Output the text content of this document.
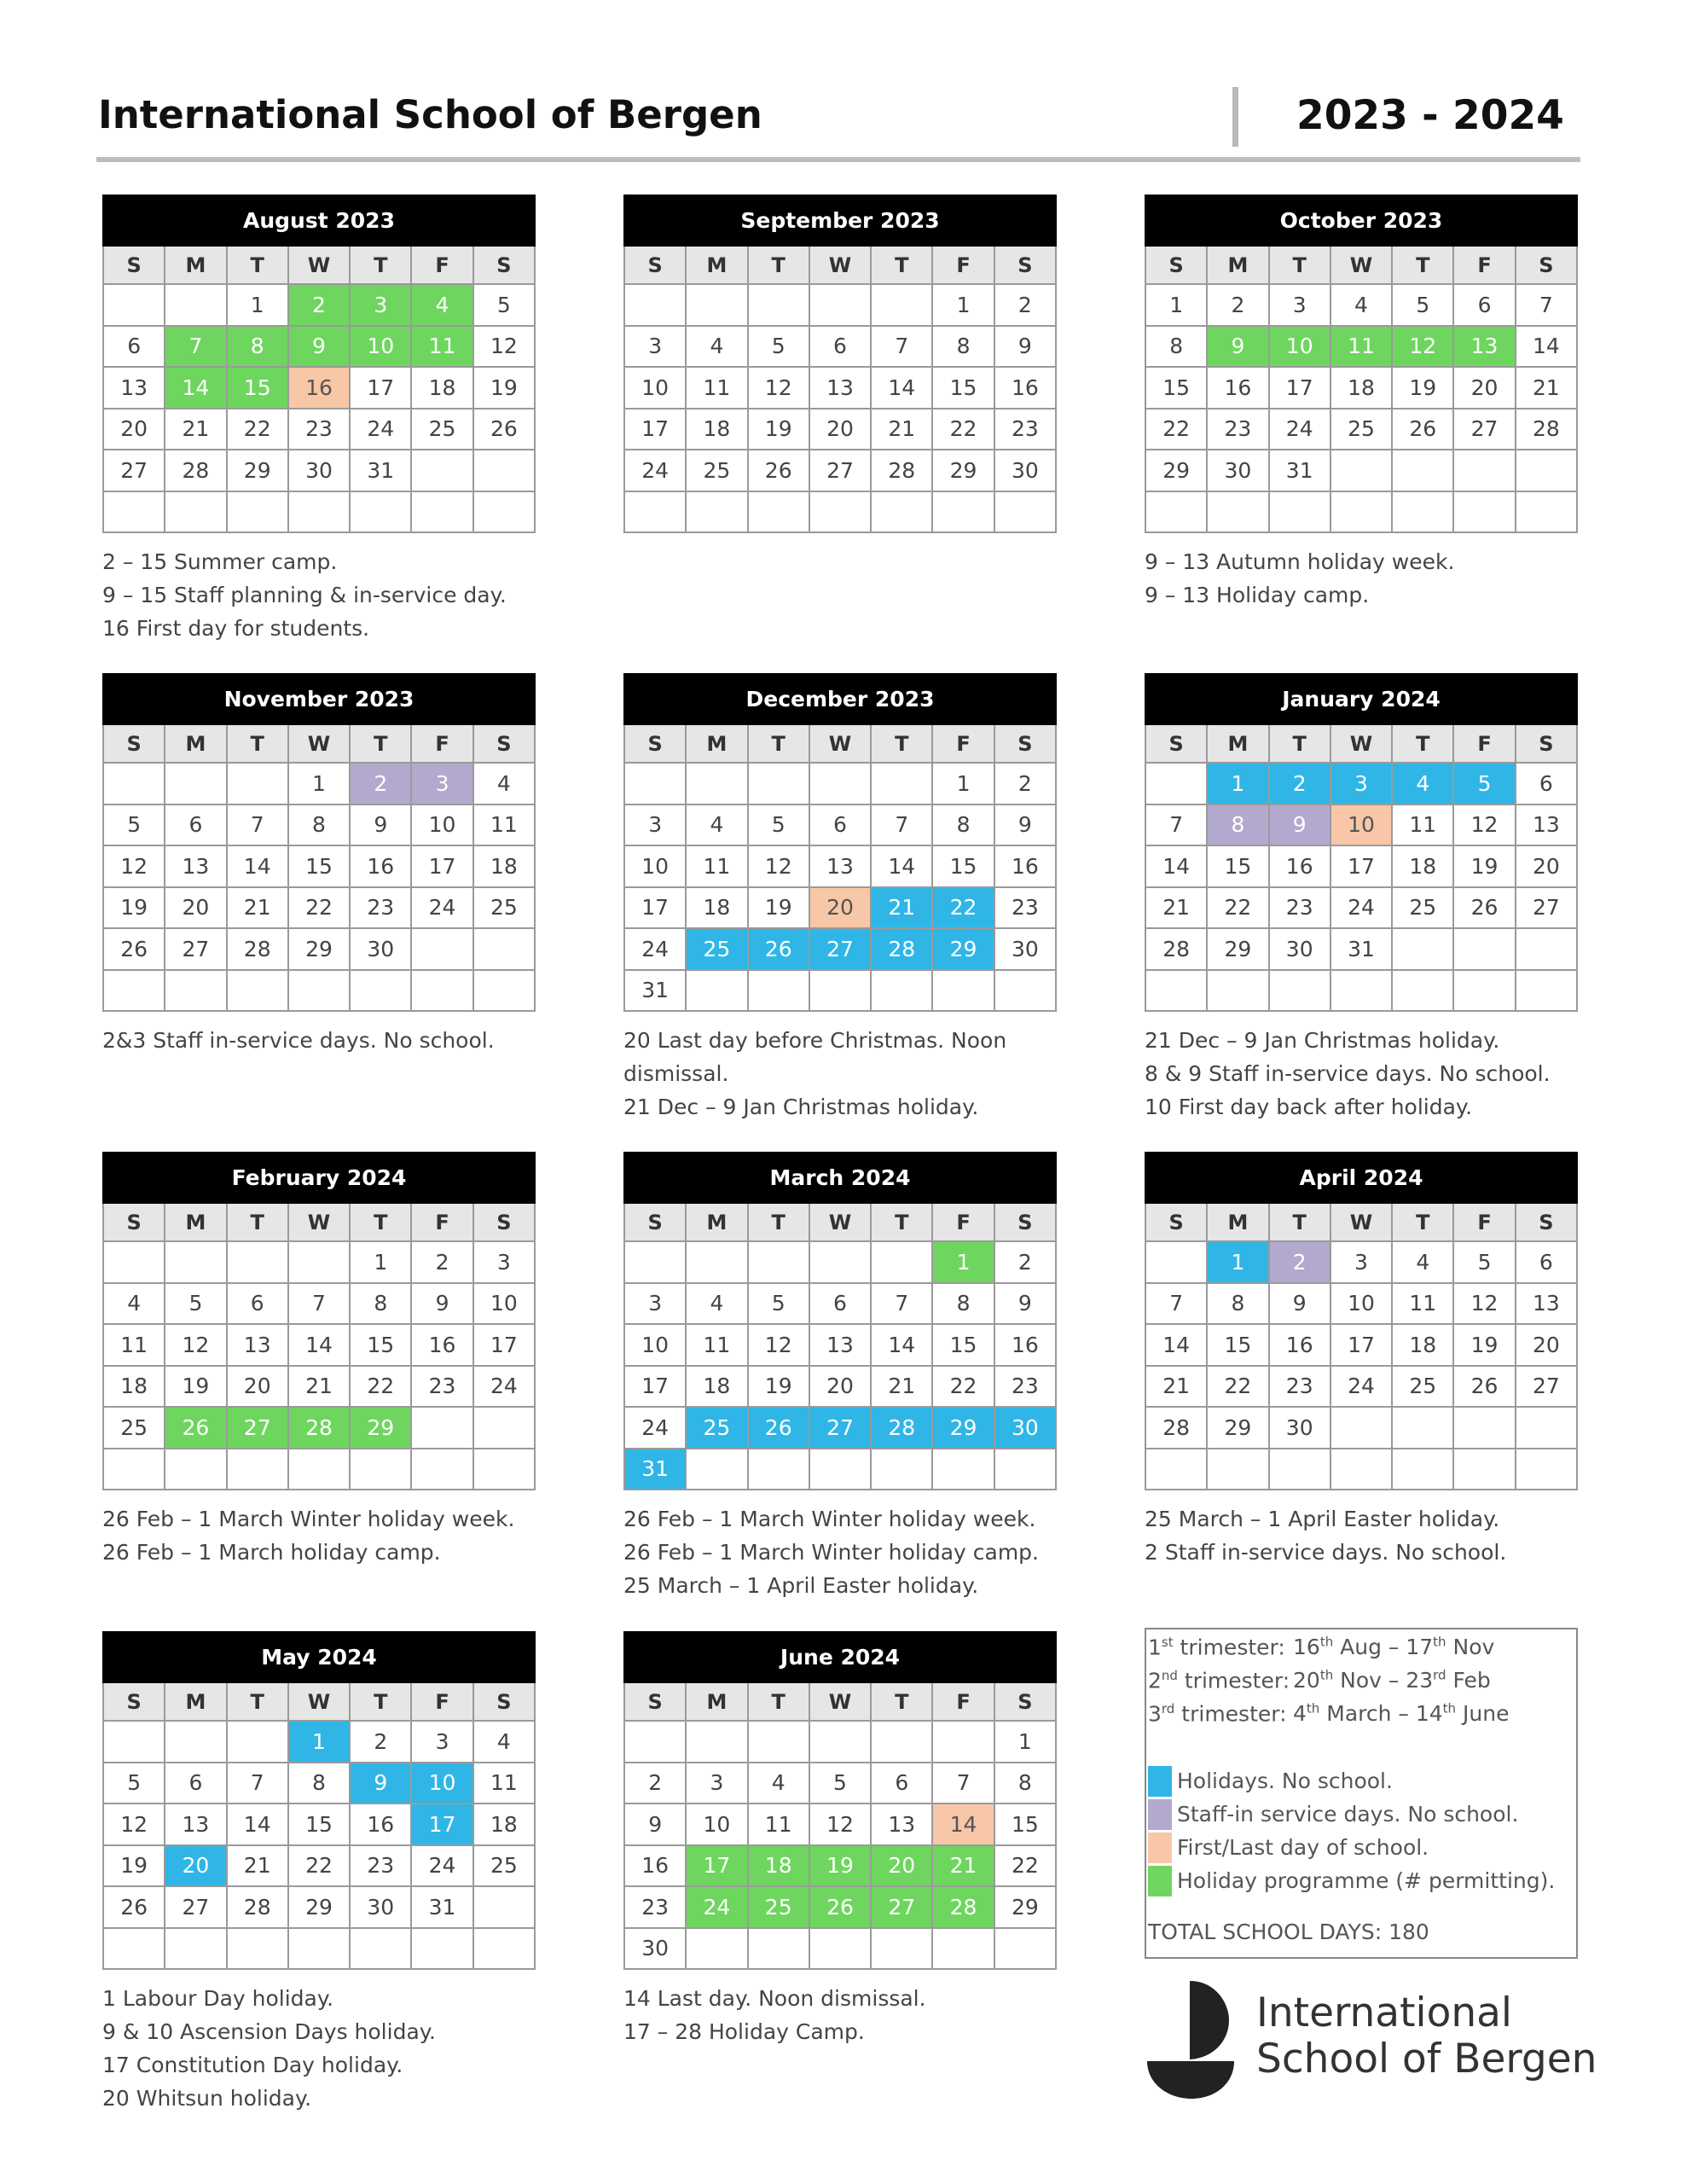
International School of Bergen	2023 - 2024
August 2023						
S	M	T	W	T	F	S
		1	2	3	4	5
6	7	8	9	10	11	12
13	14	15	16	17	18	19
20	21	22	23	24	25	26
27	28	29	30	31		

2 – 15 Summer camp.
9 – 15 Staff planning & in-service day.
16 First day for students.
September 2023						
S	M	T	W	T	F	S
					1	2
3	4	5	6	7	8	9
10	11	12	13	14	15	16
17	18	19	20	21	22	23
24	25	26	27	28	29	30

October 2023						
S	M	T	W	T	F	S
1	2	3	4	5	6	7
8	9	10	11	12	13	14
15	16	17	18	19	20	21
22	23	24	25	26	27	28
29	30	31				

9 – 13 Autumn holiday week.
9 – 13 Holiday camp.
November 2023						
S	M	T	W	T	F	S
			1	2	3	4
5	6	7	8	9	10	11
12	13	14	15	16	17	18
19	20	21	22	23	24	25
26	27	28	29	30		

2&3 Staff in-service days. No school.
December 2023						
S	M	T	W	T	F	S
					1	2
3	4	5	6	7	8	9
10	11	12	13	14	15	16
17	18	19	20	21	22	23
24	25	26	27	28	29	30
31						
20 Last day before Christmas. Noon
dismissal.
21 Dec – 9 Jan Christmas holiday.
January 2024						
S	M	T	W	T	F	S
	1	2	3	4	5	6
7	8	9	10	11	12	13
14	15	16	17	18	19	20
21	22	23	24	25	26	27
28	29	30	31			

21 Dec – 9 Jan Christmas holiday.
8 & 9 Staff in-service days. No school.
10 First day back after holiday.
February 2024						
S	M	T	W	T	F	S
				1	2	3
4	5	6	7	8	9	10
11	12	13	14	15	16	17
18	19	20	21	22	23	24
25	26	27	28	29		

26 Feb – 1 March Winter holiday week.
26 Feb – 1 March holiday camp.
March 2024						
S	M	T	W	T	F	S
					1	2
3	4	5	6	7	8	9
10	11	12	13	14	15	16
17	18	19	20	21	22	23
24	25	26	27	28	29	30
31						
26 Feb – 1 March Winter holiday week.
26 Feb – 1 March Winter holiday camp.
25 March – 1 April Easter holiday.
April 2024						
S	M	T	W	T	F	S
	1	2	3	4	5	6
7	8	9	10	11	12	13
14	15	16	17	18	19	20
21	22	23	24	25	26	27
28	29	30				

25 March – 1 April Easter holiday.
2 Staff in-service days. No school.
May 2024						
S	M	T	W	T	F	S
			1	2	3	4
5	6	7	8	9	10	11
12	13	14	15	16	17	18
19	20	21	22	23	24	25
26	27	28	29	30	31	

1 Labour Day holiday.
9 & 10 Ascension Days holiday.
17 Constitution Day holiday.
20 Whitsun holiday.
June 2024						
S	M	T	W	T	F	S
						1
2	3	4	5	6	7	8
9	10	11	12	13	14	15
16	17	18	19	20	21	22
23	24	25	26	27	28	29
30						
14 Last day. Noon dismissal.
17 – 28 Holiday Camp.
1st trimester: 16th Aug – 17th Nov
2nd trimester: 20th Nov – 23rd Feb
3rd trimester: 4th March – 14th June
Holidays. No school.
Staff-in service days. No school.
First/Last day of school.
Holiday programme (# permitting).
TOTAL SCHOOL DAYS: 180
International
School of Bergen
